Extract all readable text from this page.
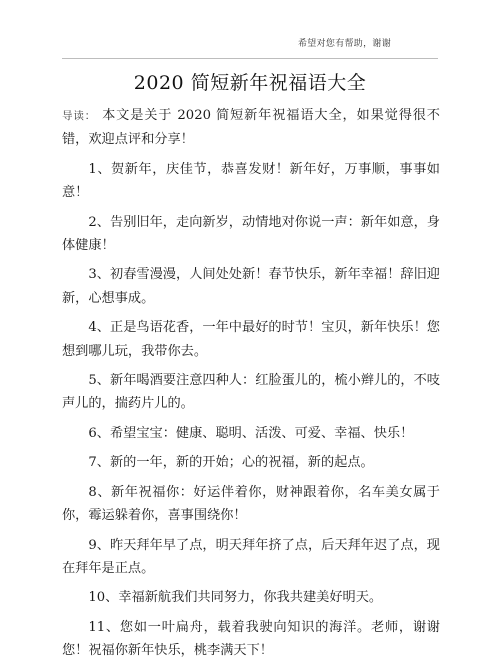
希望对您有帮助，谢谢
2020 简短新年祝福语大全

导读： 本文是关于 2020 简短新年祝福语大全，如果觉得很不错，欢迎点评和分享！

1、贺新年，庆佳节，恭喜发财！新年好，万事顺，事事如意！

2、告别旧年，走向新岁，动情地对你说一声：新年如意，身体健康！

3、初春雪漫漫，人间处处新！春节快乐，新年幸福！辞旧迎新，心想事成。

4、正是鸟语花香，一年中最好的时节！宝贝，新年快乐！您想到哪儿玩，我带你去。

5、新年喝酒要注意四种人：红脸蛋儿的，梳小辫儿的，不吱声儿的，揣药片儿的。

6、希望宝宝：健康、聪明、活泼、可爱、幸福、快乐！

7、新的一年，新的开始；心的祝福，新的起点。

8、新年祝福你：好运伴着你，财神跟着你，名车美女属于你，霉运躲着你，喜事围绕你！

9、昨天拜年早了点，明天拜年挤了点，后天拜年迟了点，现在拜年是正点。

10、幸福新航我们共同努力，你我共建美好明天。

11、您如一叶扁舟，载着我驶向知识的海洋。老师，谢谢您！祝福你新年快乐，桃李满天下！
